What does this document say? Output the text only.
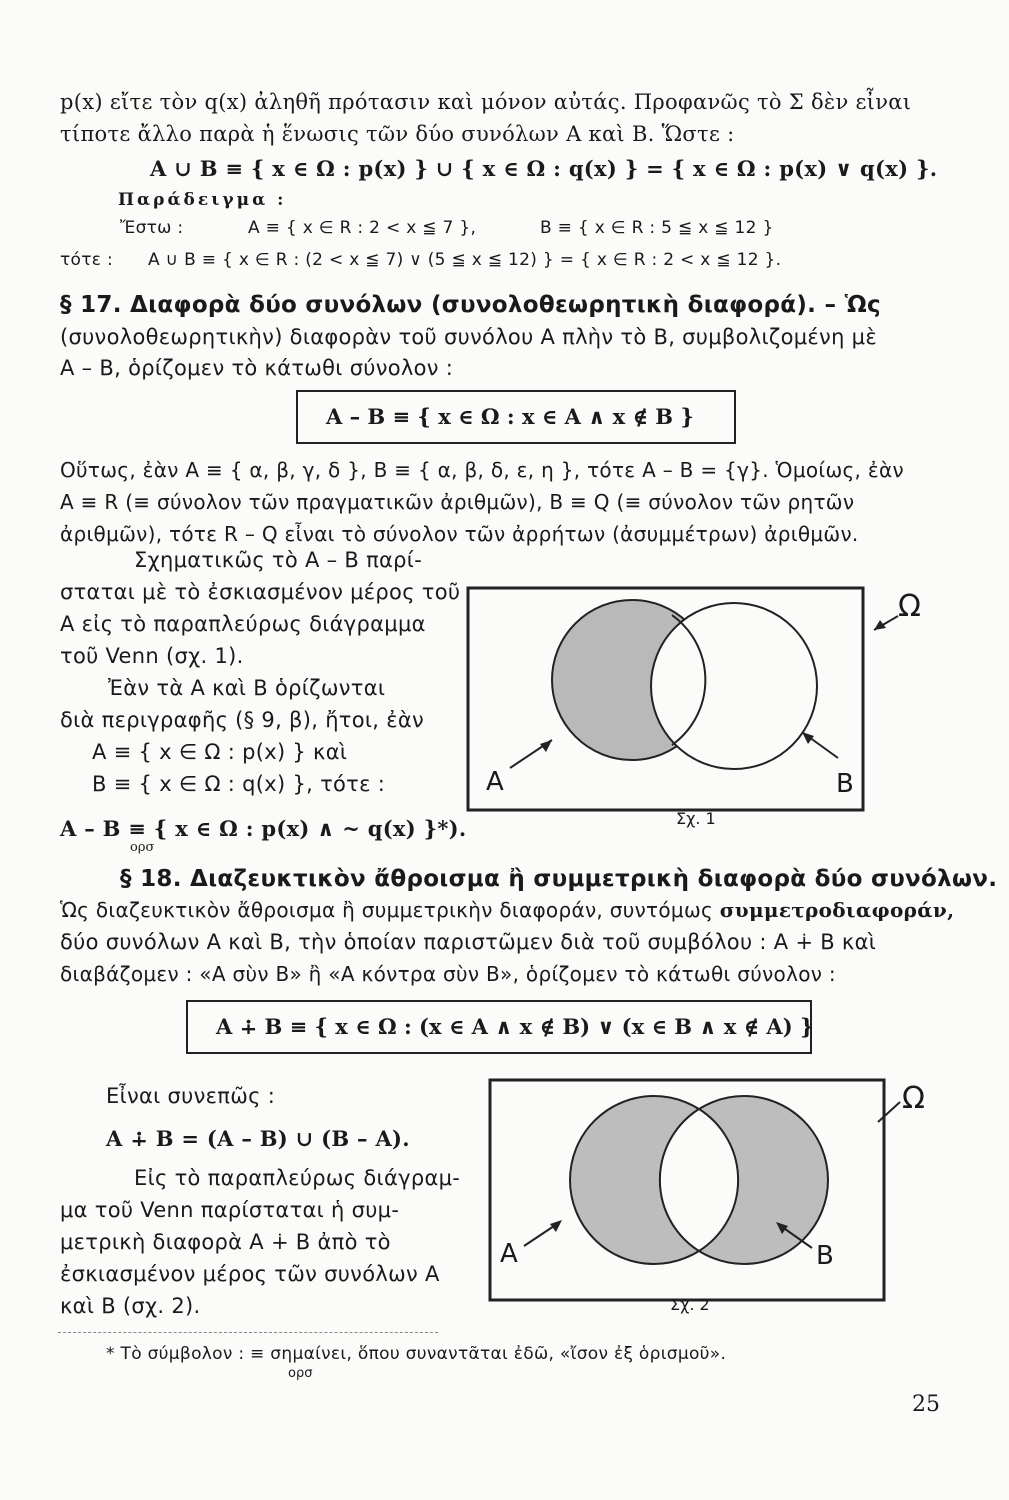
p(x) εἴτε τὸν q(x) ἀληθῆ πρότασιν καὶ μόνον αὐτάς. Προφανῶς τὸ Σ δὲν εἶναι
τίποτε ἄλλο παρὰ ἡ ἕνωσις τῶν δύο συνόλων Α καὶ Β. Ὥστε :
A ∪ B ≡ { x ∈ Ω : p(x) } ∪ { x ∈ Ω : q(x) } = { x ∈ Ω : p(x) ∨ q(x) }.
Παράδειγμα :
Ἔστω :	A ≡ { x ∈ R : 2 < x ≦ 7 },	B ≡ { x ∈ R : 5 ≦ x ≦ 12 }
τότε : A ∪ B ≡ { x ∈ R : (2 < x ≦ 7) ∨ (5 ≦ x ≦ 12) } = { x ∈ R : 2 < x ≦ 12 }.
§ 17. Διαφορὰ δύο συνόλων (συνολοθεωρητικὴ διαφορά). – Ὡς
(συνολοθεωρητικὴν) διαφορὰν τοῦ συνόλου Α πλὴν τὸ Β, συμβολιζομένη μὲ
Α – Β, ὁρίζομεν τὸ κάτωθι σύνολον :
A – B ≡ { x ∈ Ω : x ∈ A ∧ x ∉ B }
Οὕτως, ἐὰν Α ≡ { α, β, γ, δ }, Β ≡ { α, β, δ, ε, η }, τότε Α – Β = {γ}. Ὁμοίως, ἐὰν
Α ≡ R (≡ σύνολον τῶν πραγματικῶν ἀριθμῶν), Β ≡ Q (≡ σύνολον τῶν ρητῶν
ἀριθμῶν), τότε R – Q εἶναι τὸ σύνολον τῶν ἀρρήτων (ἀσυμμέτρων) ἀριθμῶν.
Σχηματικῶς τὸ Α – Β παρί-
σταται μὲ τὸ ἐσκιασμένον μέρος τοῦ
Α εἰς τὸ παραπλεύρως διάγραμμα
τοῦ Venn (σχ. 1).
Ἐὰν τὰ Α καὶ Β ὁρίζωνται
διὰ περιγραφῆς (§ 9, β), ἤτοι, ἐὰν
Α ≡ { x ∈ Ω : p(x) } καὶ
Β ≡ { x ∈ Ω : q(x) }, τότε :
A – B ≡ { x ∈ Ω : p(x) ∧ ~ q(x) }*).
ορσ
A	B
Ω
Σχ. 1
§ 18. Διαζευκτικὸν ἄθροισμα ἢ συμμετρικὴ διαφορὰ δύο συνόλων.
Ὡς διαζευκτικὸν ἄθροισμα ἢ συμμετρικὴν διαφοράν, συντόμως συμμετροδιαφοράν,
δύο συνόλων Α καὶ Β, τὴν ὁποίαν παριστῶμεν διὰ τοῦ συμβόλου : Α ∔ Β καὶ
διαβάζομεν : «Α σὺν Β» ἢ «Α κόντρα σὺν Β», ὁρίζομεν τὸ κάτωθι σύνολον :
A ∔ B ≡ { x ∈ Ω : (x ∈ A ∧ x ∉ B) ∨ (x ∈ B ∧ x ∉ A) }
Εἶναι συνεπῶς :
A ∔ B = (A – B) ∪ (B – A).
Εἰς τὸ παραπλεύρως διάγραμ-
μα τοῦ Venn παρίσταται ἡ συμ-
μετρικὴ διαφορὰ Α ∔ Β ἀπὸ τὸ
ἐσκιασμένον μέρος τῶν συνόλων Α
καὶ Β (σχ. 2).
A	B
Ω
Σχ. 2
* Τὸ σύμβολον : ≡ σημαίνει, ὅπου συναντᾶται ἐδῶ, «ἴσον ἐξ ὁρισμοῦ».
ορσ
25
